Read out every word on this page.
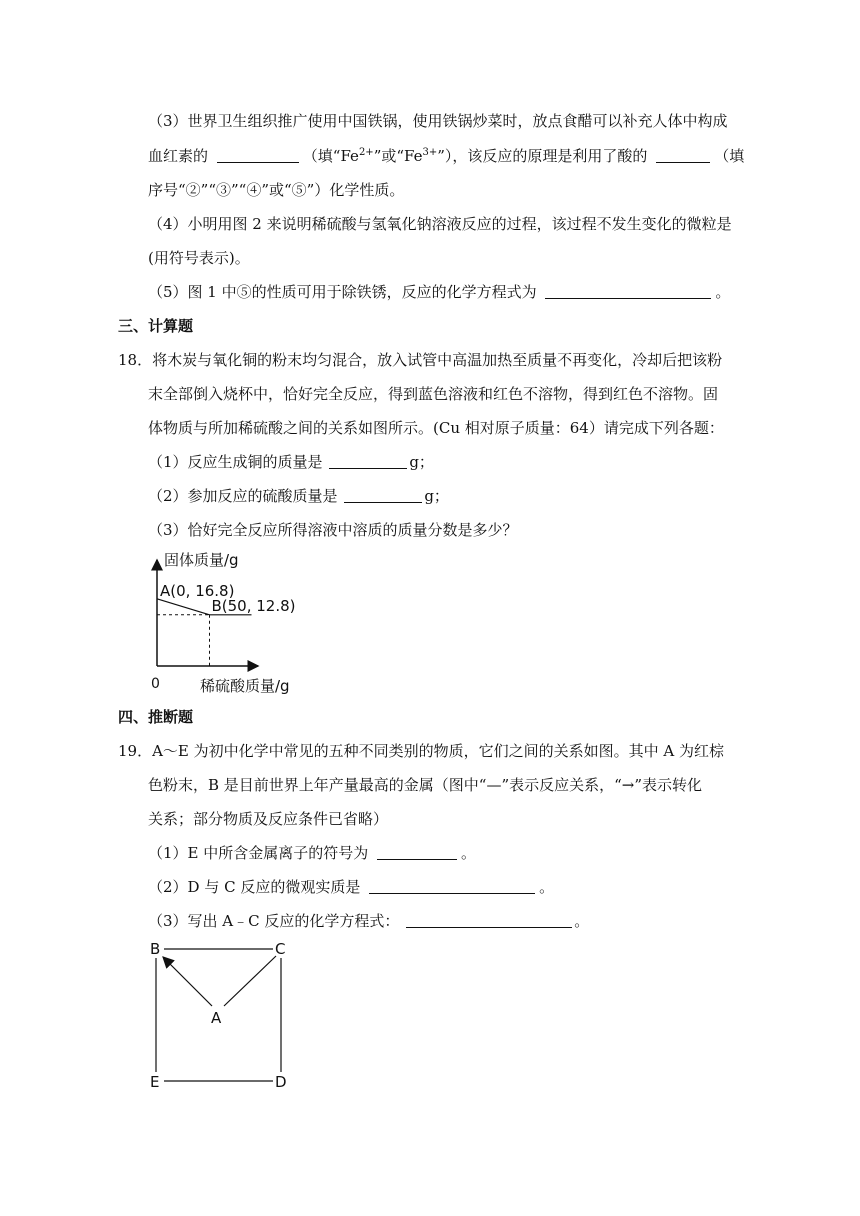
（3）世界卫生组织推广使用中国铁锅，使用铁锅炒菜时，放点食醋可以补充人体中构成
血红素的	（填“$Fe^{2+}$”或“$Fe^{3+}$”），该反应的原理是利用了酸的	（填
序号“②”“③”“④”或“⑤”）化学性质。
（4）小明用图 2 来说明稀硫酸与氢氧化钠溶液反应的过程，该过程不发生变化的微粒是
(用符号表示)。
（5）图 1 中⑤的性质可用于除铁锈，反应的化学方程式为	。
三、计算题
18．将木炭与氧化铜的粉末均匀混合，放入试管中高温加热至质量不再变化，冷却后把该粉
末全部倒入烧杯中，恰好完全反应，得到蓝色溶液和红色不溶物，得到红色不溶物。固
体物质与所加稀硫酸之间的关系如图所示。(Cu 相对原子质量：64）请完成下列各题：
（1）反应生成铜的质量是	g；
（2）参加反应的硫酸质量是	g；
（3）恰好完全反应所得溶液中溶质的质量分数是多少？
固体质量/g
稀硫酸质量/g
0
A(0, 16.8)
B(50, 12.8)
四、推断题
19．A～E 为初中化学中常见的五种不同类别的物质，它们之间的关系如图。其中 A 为红棕
色粉末，B 是目前世界上年产量最高的金属（图中“—”表示反应关系，“→”表示转化
关系；部分物质及反应条件已省略）
（1）E 中所含金属离子的符号为	。
（2）D 与 C 反应的微观实质是	。
（3）写出 A﹣C 反应的化学方程式：	。
B	C
A
E	D
